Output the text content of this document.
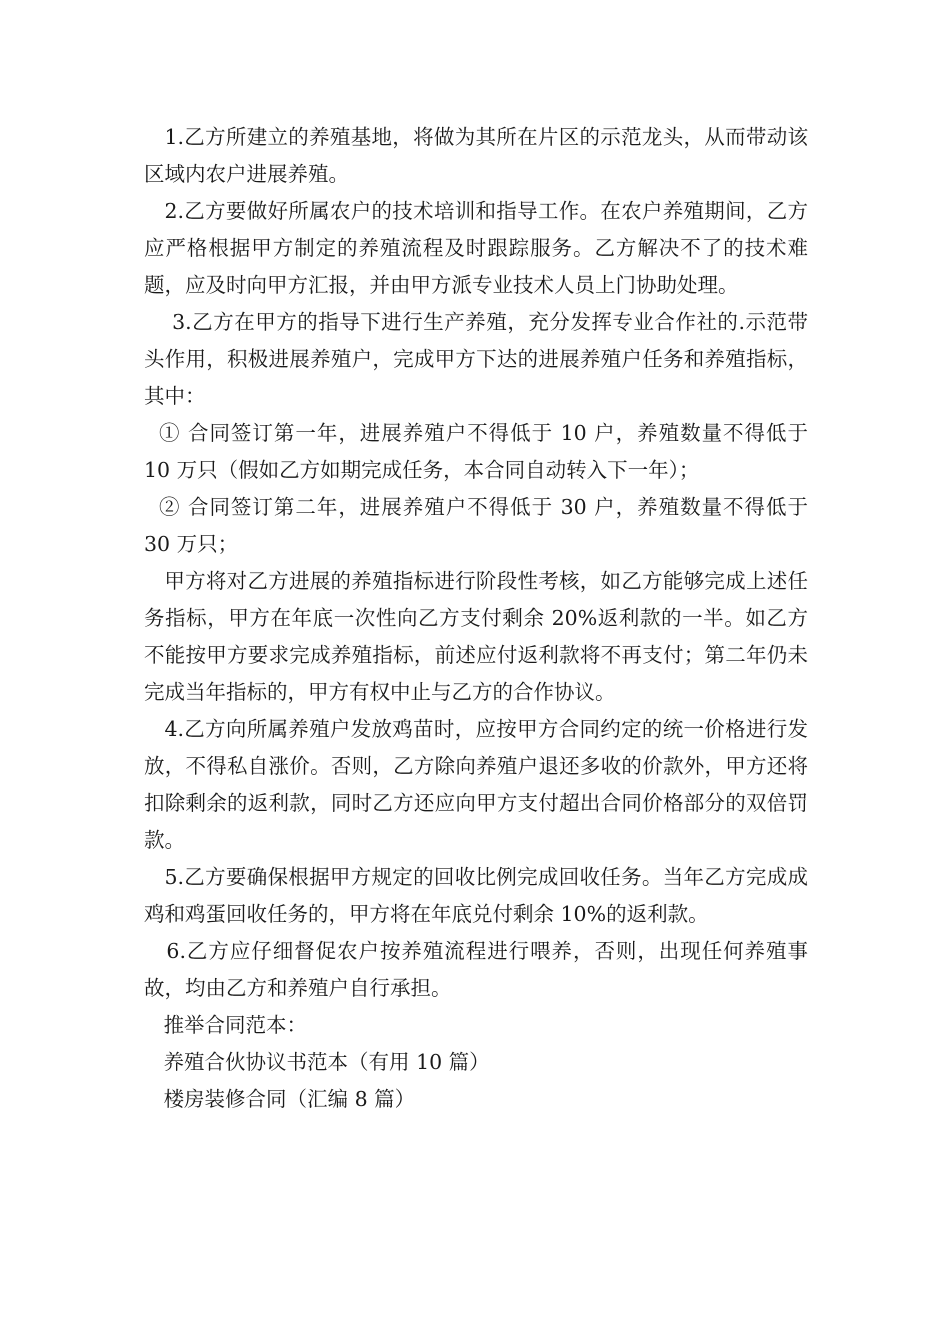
1.乙方所建立的养殖基地，将做为其所在片区的示范龙头，从而带动该区域内农户进展养殖。

2.乙方要做好所属农户的技术培训和指导工作。在农户养殖期间，乙方应严格根据甲方制定的养殖流程及时跟踪服务。乙方解决不了的技术难题，应及时向甲方汇报，并由甲方派专业技术人员上门协助处理。

3.乙方在甲方的指导下进行生产养殖，充分发挥专业合作社的.示范带头作用，积极进展养殖户，完成甲方下达的进展养殖户任务和养殖指标，其中：

① 合同签订第一年，进展养殖户不得低于 10 户，养殖数量不得低于 10 万只（假如乙方如期完成任务，本合同自动转入下一年）；

② 合同签订第二年，进展养殖户不得低于 30 户，养殖数量不得低于 30 万只；

甲方将对乙方进展的养殖指标进行阶段性考核，如乙方能够完成上述任务指标，甲方在年底一次性向乙方支付剩余 20%返利款的一半。如乙方不能按甲方要求完成养殖指标，前述应付返利款将不再支付；第二年仍未完成当年指标的，甲方有权中止与乙方的合作协议。

4.乙方向所属养殖户发放鸡苗时，应按甲方合同约定的统一价格进行发放，不得私自涨价。否则，乙方除向养殖户退还多收的价款外，甲方还将扣除剩余的返利款，同时乙方还应向甲方支付超出合同价格部分的双倍罚款。

5.乙方要确保根据甲方规定的回收比例完成回收任务。当年乙方完成成鸡和鸡蛋回收任务的，甲方将在年底兑付剩余 10%的返利款。

6.乙方应仔细督促农户按养殖流程进行喂养，否则，出现任何养殖事故，均由乙方和养殖户自行承担。

推举合同范本：

养殖合伙协议书范本（有用 10 篇）

楼房装修合同（汇编 8 篇）
